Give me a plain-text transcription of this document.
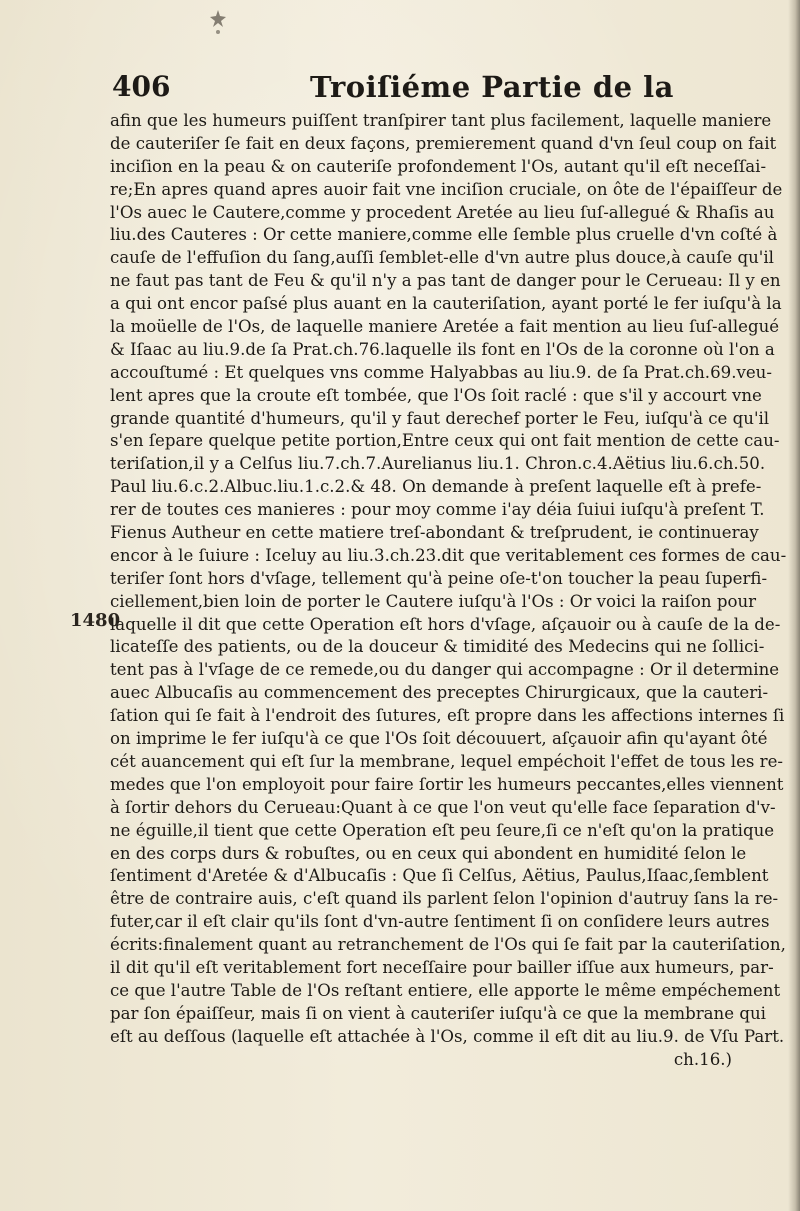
406	Troiſiéme Partie de la
1480
afin que les humeurs puiſſent tranſpirer tant plus facilement, laquelle maniere
de cauteriſer ſe fait en deux façons, premierement quand d'vn ſeul coup on fait
inciſion en la peau & on cauteriſe profondement l'Os, autant qu'il eſt neceſſai-
re;En apres quand apres auoir fait vne inciſion cruciale, on ôte de l'épaiſſeur de
l'Os auec le Cautere,comme y procedent Aretée au lieu ſuſ-allegué & Rhaſis au
liu.des Cauteres : Or cette maniere,comme elle ſemble plus cruelle d'vn coſté à
cauſe de l'effuſion du ſang,auſſi ſemblet-elle d'vn autre plus douce,à cauſe qu'il
ne faut pas tant de Feu & qu'il n'y a pas tant de danger pour le Cerueau: Il y en
a qui ont encor paſsé plus auant en la cauteriſation, ayant porté le fer iuſqu'à la
la moüelle de l'Os, de laquelle maniere Aretée a fait mention au lieu ſuſ-allegué
& Iſaac au liu.9.de ſa Prat.ch.76.laquelle ils font en l'Os de la coronne où l'on a
accouſtumé : Et quelques vns comme Halyabbas au liu.9. de ſa Prat.ch.69.veu-
lent apres que la croute eſt tombée, que l'Os ſoit raclé : que s'il y accourt vne
grande quantité d'humeurs, qu'il y faut derechef porter le Feu, iuſqu'à ce qu'il
s'en ſepare quelque petite portion,Entre ceux qui ont fait mention de cette cau-
teriſation,il y a Celſus liu.7.ch.7.Aurelianus liu.1. Chron.c.4.Aëtius liu.6.ch.50.
Paul liu.6.c.2.Albuc.liu.1.c.2.& 48. On demande à preſent laquelle eſt à prefe-
rer de toutes ces manieres : pour moy comme i'ay déia ſuiui iuſqu'à preſent T.
Fienus Autheur en cette matiere treſ-abondant & treſprudent, ie continueray
encor à le ſuiure : Iceluy au liu.3.ch.23.dit que veritablement ces formes de cau-
teriſer ſont hors d'vſage, tellement qu'à peine oſe-t'on toucher la peau ſuperfi-
ciellement,bien loin de porter le Cautere iuſqu'à l'Os : Or voici la raiſon pour
laquelle il dit que cette Operation eſt hors d'vſage, aſçauoir ou à cauſe de la de-
licateſſe des patients, ou de la douceur & timidité des Medecins qui ne ſollici-
tent pas à l'vſage de ce remede,ou du danger qui accompagne : Or il determine
auec Albucaſis au commencement des preceptes Chirurgicaux, que la cauteri-
ſation qui ſe fait à l'endroit des ſutures, eſt propre dans les affections internes ſi
on imprime le fer iuſqu'à ce que l'Os ſoit découuert, aſçauoir afin qu'ayant ôté
cét auancement qui eſt ſur la membrane, lequel empéchoit l'effet de tous les re-
medes que l'on employoit pour faire ſortir les humeurs peccantes,elles viennent
à ſortir dehors du Cerueau:Quant à ce que l'on veut qu'elle face ſeparation d'v-
ne éguille,il tient que cette Operation eſt peu ſeure,ſi ce n'eſt qu'on la pratique
en des corps durs & robuſtes, ou en ceux qui abondent en humidité ſelon le
ſentiment d'Aretée & d'Albucaſis : Que ſi Celſus, Aëtius, Paulus,Iſaac,ſemblent
être de contraire auis, c'eſt quand ils parlent ſelon l'opinion d'autruy ſans la re-
futer,car il eſt clair qu'ils ſont d'vn-autre ſentiment ſi on conſidere leurs autres
écrits:finalement quant au retranchement de l'Os qui ſe fait par la cauteriſation,
il dit qu'il eſt veritablement fort neceſſaire pour bailler iſſue aux humeurs, par-
ce que l'autre Table de l'Os reſtant entiere, elle apporte le même empéchement
par ſon épaiſſeur, mais ſi on vient à cauteriſer iuſqu'à ce que la membrane qui
eſt au deſſous (laquelle eſt attachée à l'Os, comme il eſt dit au liu.9. de Vſu Part.
ch.16.)
